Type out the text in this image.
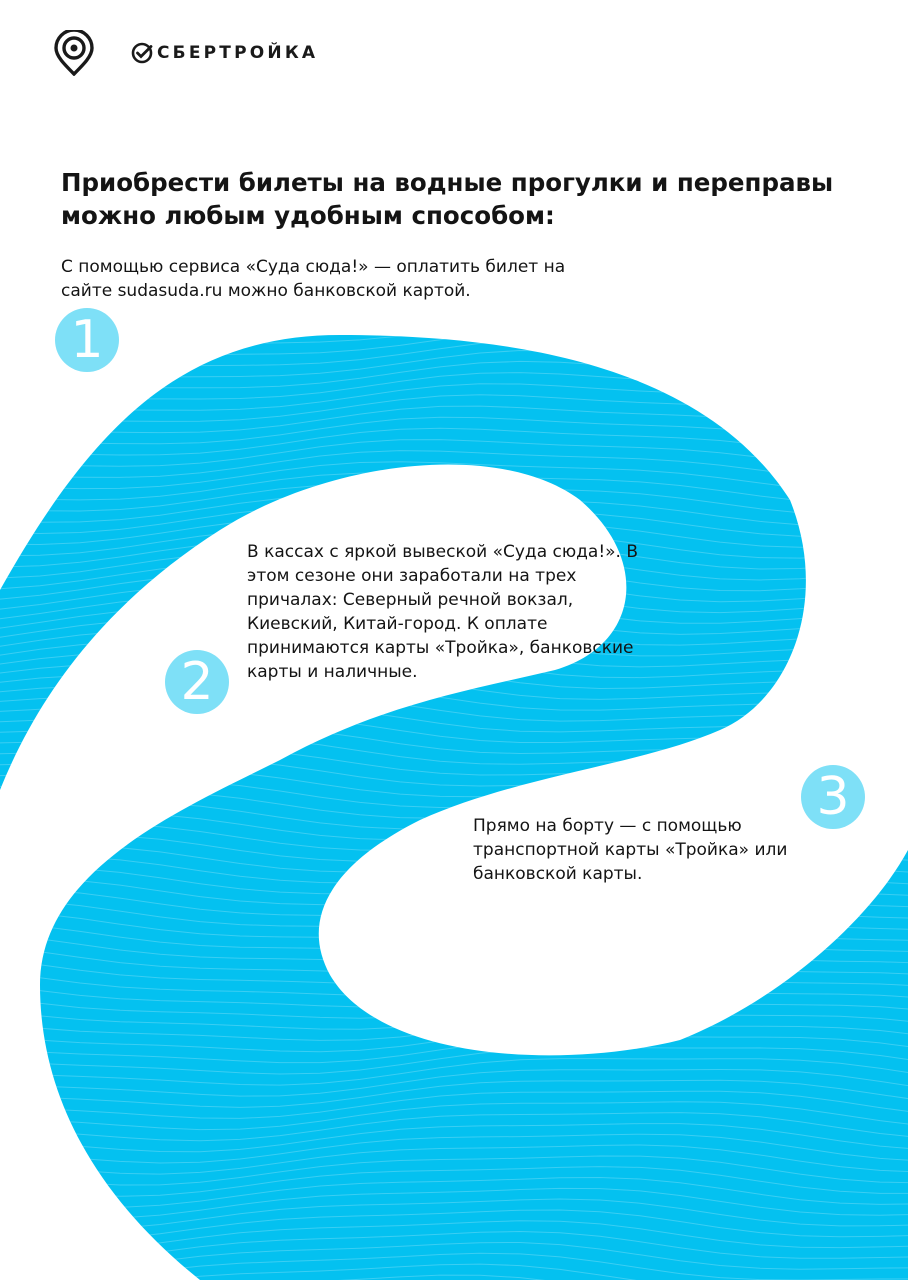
СБЕРТРОЙКА
Приобрести билеты на водные прогулки и переправы можно любым удобным способом:
1

С помощью сервиса «Суда сюда!» — оплатить билет на сайте sudasuda.ru можно банковской картой.

2

В кассах с яркой вывеской «Суда сюда!». В этом сезоне они заработали на трех причалах: Северный речной вокзал, Киевский, Китай-город. К оплате принимаются карты «Тройка», банковские карты и наличные.

3

Прямо на борту — с помощью транспортной карты «Тройка» или банковской карты.
